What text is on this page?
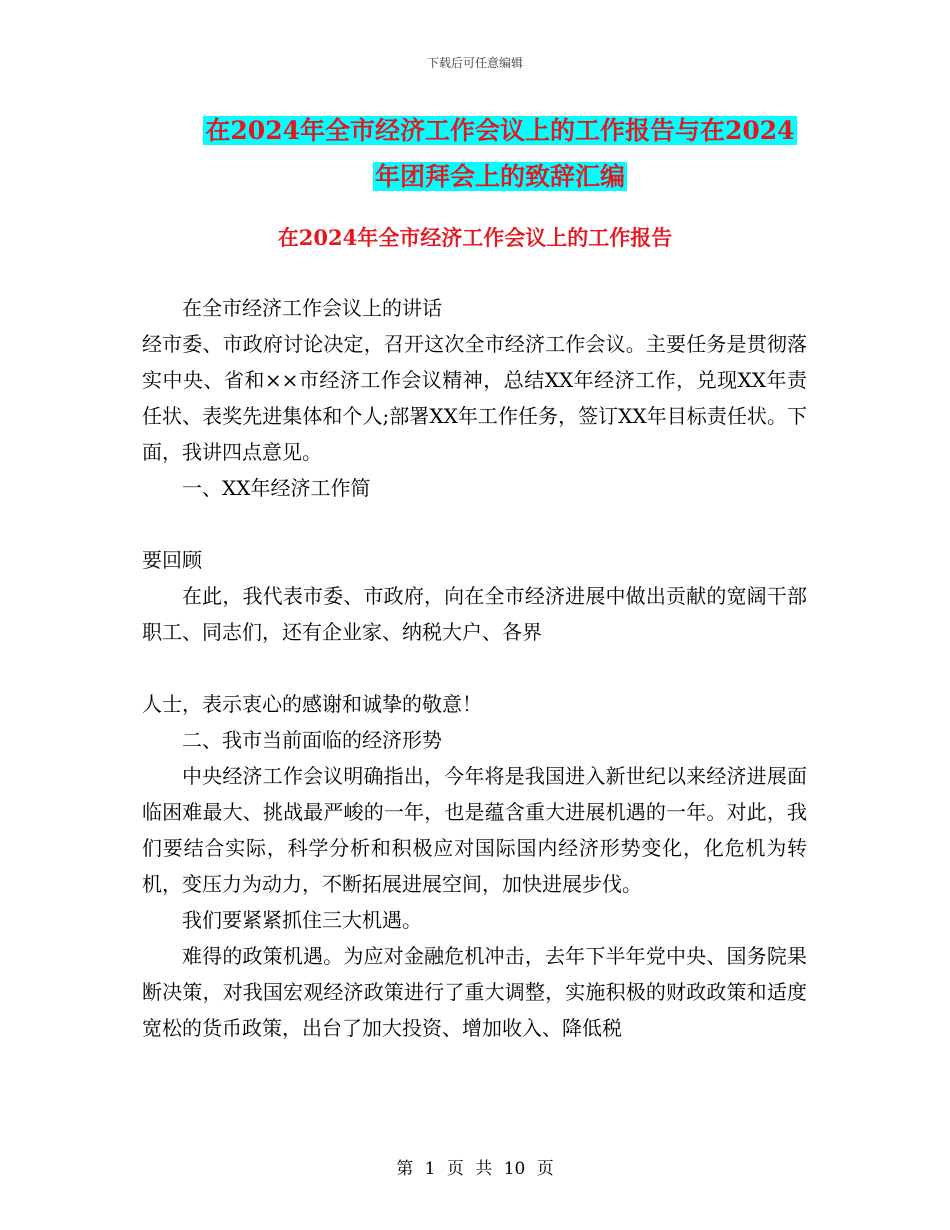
下载后可任意编辑
在2024年全市经济工作会议上的工作报告与在2024
年团拜会上的致辞汇编
在2024年全市经济工作会议上的工作报告

在全市经济工作会议上的讲话

经市委、市政府讨论决定，召开这次全市经济工作会议。主要任务是贯彻落实中央、省和××市经济工作会议精神，总结XX年经济工作，兑现XX年责任状、表奖先进集体和个人;部署XX年工作任务，签订XX年目标责任状。下面，我讲四点意见。

一、XX年经济工作简

要回顾

在此，我代表市委、市政府，向在全市经济进展中做出贡献的宽阔干部职工、同志们，还有企业家、纳税大户、各界

人士，表示衷心的感谢和诚挚的敬意！

二、我市当前面临的经济形势

中央经济工作会议明确指出，今年将是我国进入新世纪以来经济进展面临困难最大、挑战最严峻的一年，也是蕴含重大进展机遇的一年。对此，我们要结合实际，科学分析和积极应对国际国内经济形势变化，化危机为转机，变压力为动力，不断拓展进展空间，加快进展步伐。

我们要紧紧抓住三大机遇。

难得的政策机遇。为应对金融危机冲击，去年下半年党中央、国务院果断决策，对我国宏观经济政策进行了重大调整，实施积极的财政政策和适度宽松的货币政策，出台了加大投资、增加收入、降低税

第 1 页 共 10 页
